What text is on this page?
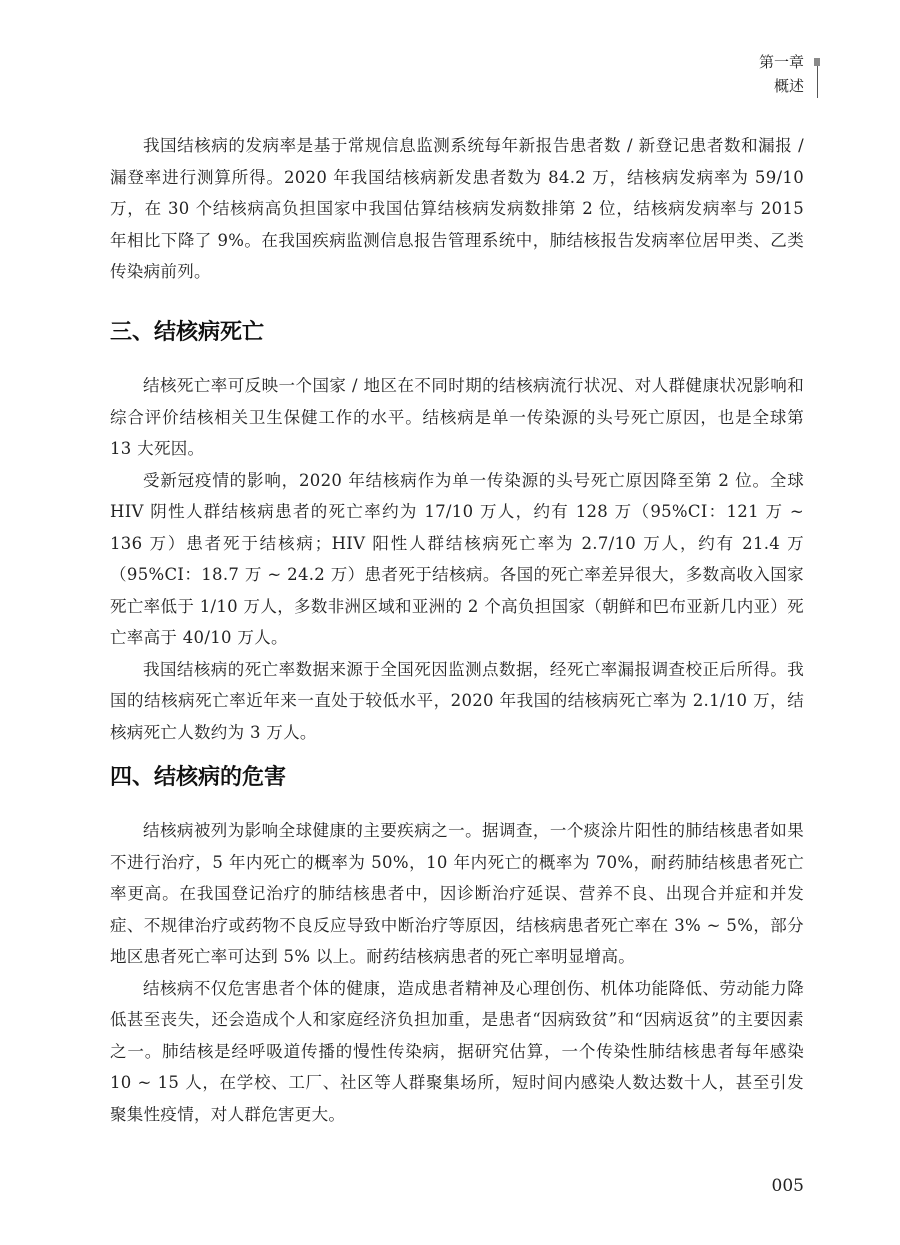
第一章
概述

我国结核病的发病率是基于常规信息监测系统每年新报告患者数 / 新登记患者数和漏报 / 漏登率进行测算所得。2020 年我国结核病新发患者数为 84.2 万，结核病发病率为 59/10 万，在 30 个结核病高负担国家中我国估算结核病发病数排第 2 位，结核病发病率与 2015 年相比下降了 9%。在我国疾病监测信息报告管理系统中，肺结核报告发病率位居甲类、乙类传染病前列。

三、结核病死亡

结核死亡率可反映一个国家 / 地区在不同时期的结核病流行状况、对人群健康状况影响和综合评价结核相关卫生保健工作的水平。结核病是单一传染源的头号死亡原因，也是全球第 13 大死因。

受新冠疫情的影响，2020 年结核病作为单一传染源的头号死亡原因降至第 2 位。全球 HIV 阴性人群结核病患者的死亡率约为 17/10 万人，约有 128 万（95%CI：121 万 ~ 136 万）患者死于结核病；HIV 阳性人群结核病死亡率为 2.7/10 万人，约有 21.4 万（95%CI：18.7 万 ~ 24.2 万）患者死于结核病。各国的死亡率差异很大，多数高收入国家死亡率低于 1/10 万人，多数非洲区域和亚洲的 2 个高负担国家（朝鲜和巴布亚新几内亚）死亡率高于 40/10 万人。

我国结核病的死亡率数据来源于全国死因监测点数据，经死亡率漏报调查校正后所得。我国的结核病死亡率近年来一直处于较低水平，2020 年我国的结核病死亡率为 2.1/10 万，结核病死亡人数约为 3 万人。

四、结核病的危害

结核病被列为影响全球健康的主要疾病之一。据调查，一个痰涂片阳性的肺结核患者如果不进行治疗，5 年内死亡的概率为 50%，10 年内死亡的概率为 70%，耐药肺结核患者死亡率更高。在我国登记治疗的肺结核患者中，因诊断治疗延误、营养不良、出现合并症和并发症、不规律治疗或药物不良反应导致中断治疗等原因，结核病患者死亡率在 3% ~ 5%，部分地区患者死亡率可达到 5% 以上。耐药结核病患者的死亡率明显增高。

结核病不仅危害患者个体的健康，造成患者精神及心理创伤、机体功能降低、劳动能力降低甚至丧失，还会造成个人和家庭经济负担加重，是患者“因病致贫”和“因病返贫”的主要因素之一。肺结核是经呼吸道传播的慢性传染病，据研究估算，一个传染性肺结核患者每年感染 10 ~ 15 人，在学校、工厂、社区等人群聚集场所，短时间内感染人数达数十人，甚至引发聚集性疫情，对人群危害更大。

005
